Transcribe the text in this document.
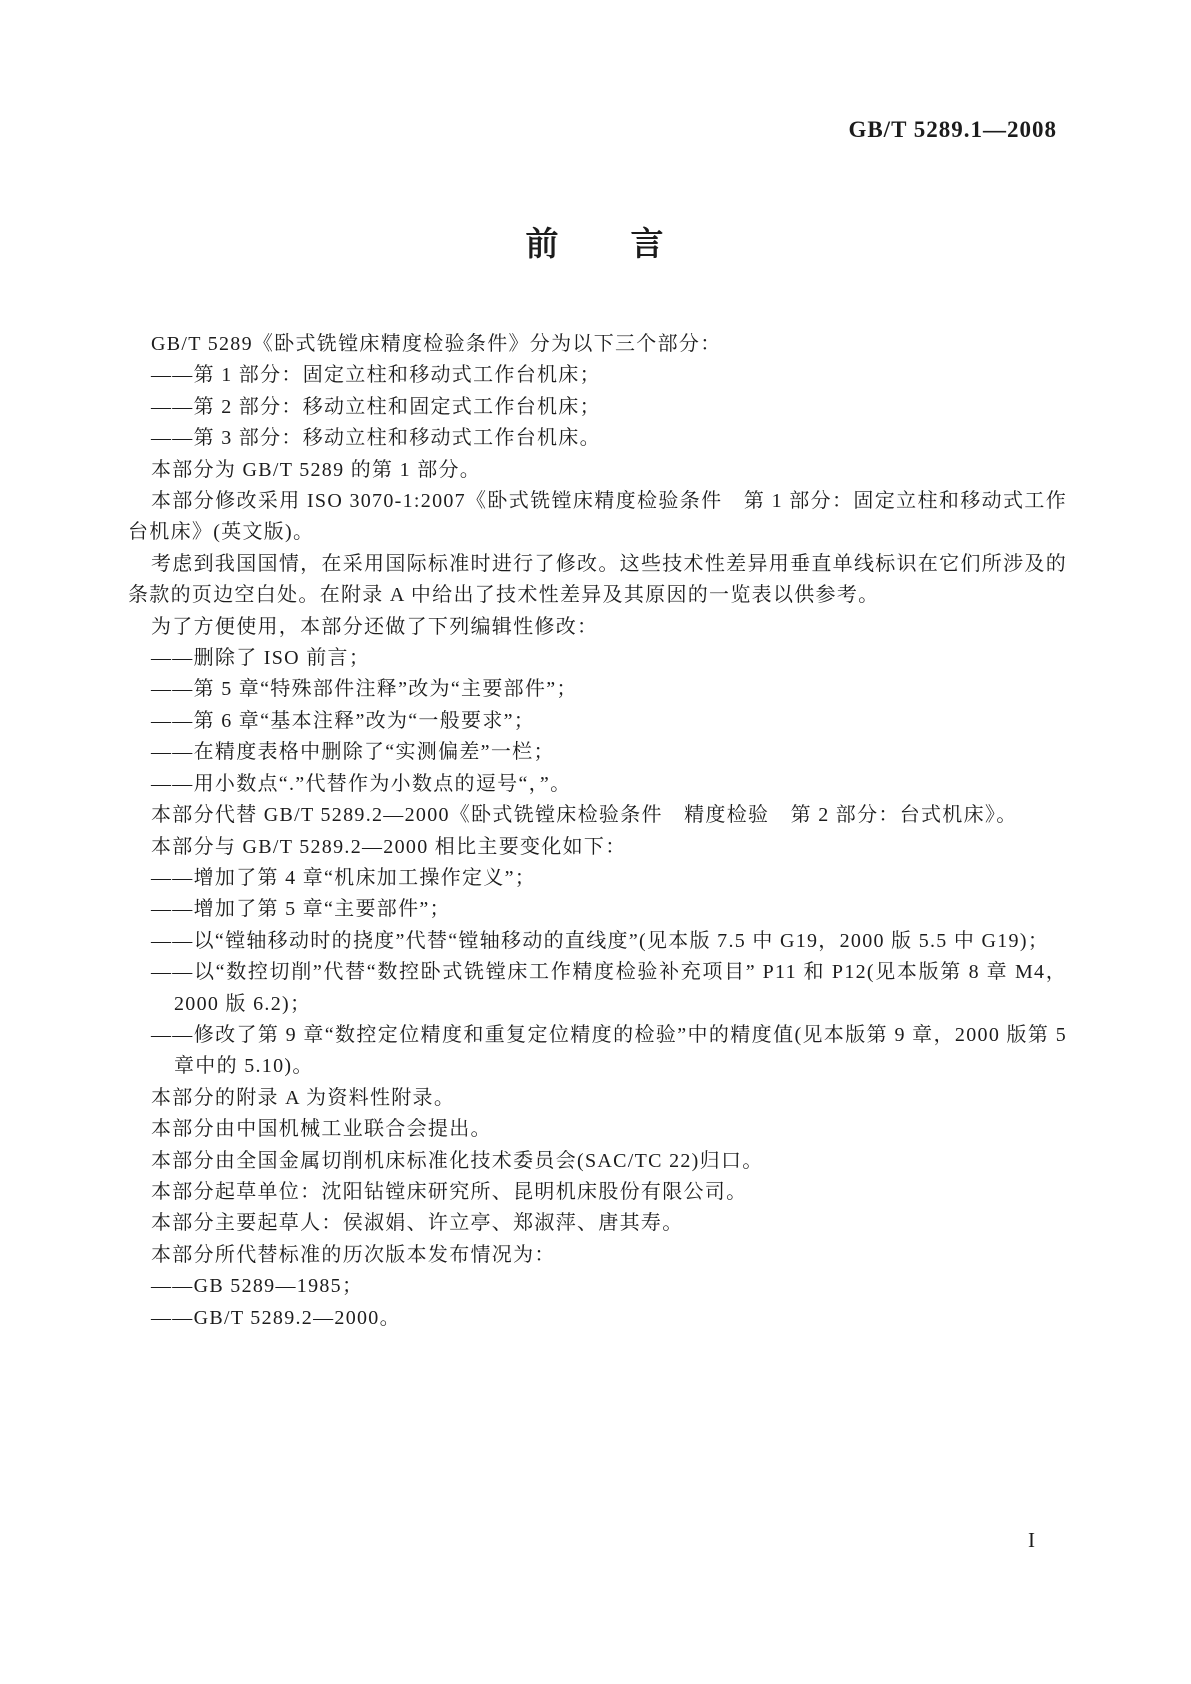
GB/T 5289.1—2008
前　　言

GB/T 5289《卧式铣镗床精度检验条件》分为以下三个部分：

——第 1 部分：固定立柱和移动式工作台机床；

——第 2 部分：移动立柱和固定式工作台机床；

——第 3 部分：移动立柱和移动式工作台机床。

本部分为 GB/T 5289 的第 1 部分。

本部分修改采用 ISO 3070-1:2007《卧式铣镗床精度检验条件　第 1 部分：固定立柱和移动式工作台机床》(英文版)。

考虑到我国国情，在采用国际标准时进行了修改。这些技术性差异用垂直单线标识在它们所涉及的条款的页边空白处。在附录 A 中给出了技术性差异及其原因的一览表以供参考。

为了方便使用，本部分还做了下列编辑性修改：

——删除了 ISO 前言；

——第 5 章“特殊部件注释”改为“主要部件”；

——第 6 章“基本注释”改为“一般要求”；

——在精度表格中删除了“实测偏差”一栏；

——用小数点“.”代替作为小数点的逗号“，”。

本部分代替 GB/T 5289.2—2000《卧式铣镗床检验条件　精度检验　第 2 部分：台式机床》。

本部分与 GB/T 5289.2—2000 相比主要变化如下：

——增加了第 4 章“机床加工操作定义”；

——增加了第 5 章“主要部件”；

——以“镗轴移动时的挠度”代替“镗轴移动的直线度”(见本版 7.5 中 G19，2000 版 5.5 中 G19)；

——以“数控切削”代替“数控卧式铣镗床工作精度检验补充项目” P11 和 P12(见本版第 8 章 M4，2000 版 6.2)；

——修改了第 9 章“数控定位精度和重复定位精度的检验”中的精度值(见本版第 9 章，2000 版第 5 章中的 5.10)。

本部分的附录 A 为资料性附录。

本部分由中国机械工业联合会提出。

本部分由全国金属切削机床标准化技术委员会(SAC/TC 22)归口。

本部分起草单位：沈阳钻镗床研究所、昆明机床股份有限公司。

本部分主要起草人：侯淑娟、许立亭、郑淑萍、唐其寿。

本部分所代替标准的历次版本发布情况为：

——GB 5289—1985；

——GB/T 5289.2—2000。

I
